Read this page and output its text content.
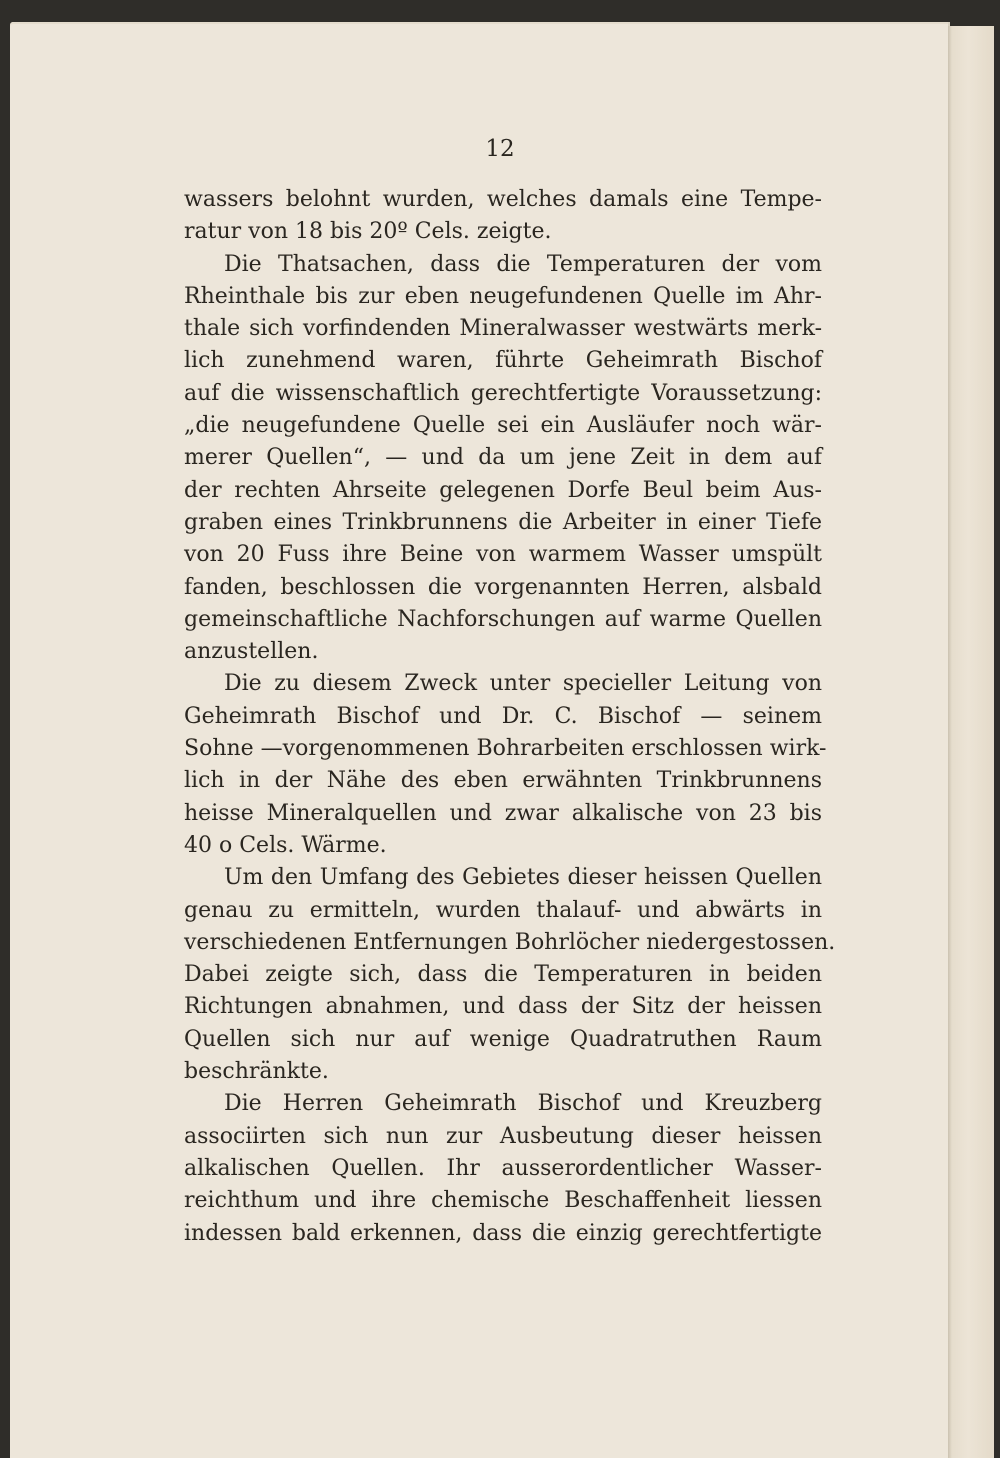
12
wassers belohnt wurden, welches damals eine Tempe-
ratur von 18 bis 20º Cels. zeigte.
Die Thatsachen, dass die Temperaturen der vom
Rheinthale bis zur eben neugefundenen Quelle im Ahr-
thale sich vorfindenden Mineralwasser westwärts merk-
lich zunehmend waren, führte Geheimrath Bischof
auf die wissenschaftlich gerechtfertigte Voraussetzung:
„die neugefundene Quelle sei ein Ausläufer noch wär-
merer Quellen“, — und da um jene Zeit in dem auf
der rechten Ahrseite gelegenen Dorfe Beul beim Aus-
graben eines Trinkbrunnens die Arbeiter in einer Tiefe
von 20 Fuss ihre Beine von warmem Wasser umspült
fanden, beschlossen die vorgenannten Herren, alsbald
gemeinschaftliche Nachforschungen auf warme Quellen
anzustellen.
Die zu diesem Zweck unter specieller Leitung von
Geheimrath Bischof und Dr. C. Bischof — seinem
Sohne —vorgenommenen Bohrarbeiten erschlossen wirk-
lich in der Nähe des eben erwähnten Trinkbrunnens
heisse Mineralquellen und zwar alkalische von 23 bis
40 o Cels. Wärme.
Um den Umfang des Gebietes dieser heissen Quellen
genau zu ermitteln, wurden thalauf- und abwärts in
verschiedenen Entfernungen Bohrlöcher niedergestossen.
Dabei zeigte sich, dass die Temperaturen in beiden
Richtungen abnahmen, und dass der Sitz der heissen
Quellen sich nur auf wenige Quadratruthen Raum
beschränkte.
Die Herren Geheimrath Bischof und Kreuzberg
associirten sich nun zur Ausbeutung dieser heissen
alkalischen Quellen. Ihr ausserordentlicher Wasser-
reichthum und ihre chemische Beschaffenheit liessen
indessen bald erkennen, dass die einzig gerechtfertigte
